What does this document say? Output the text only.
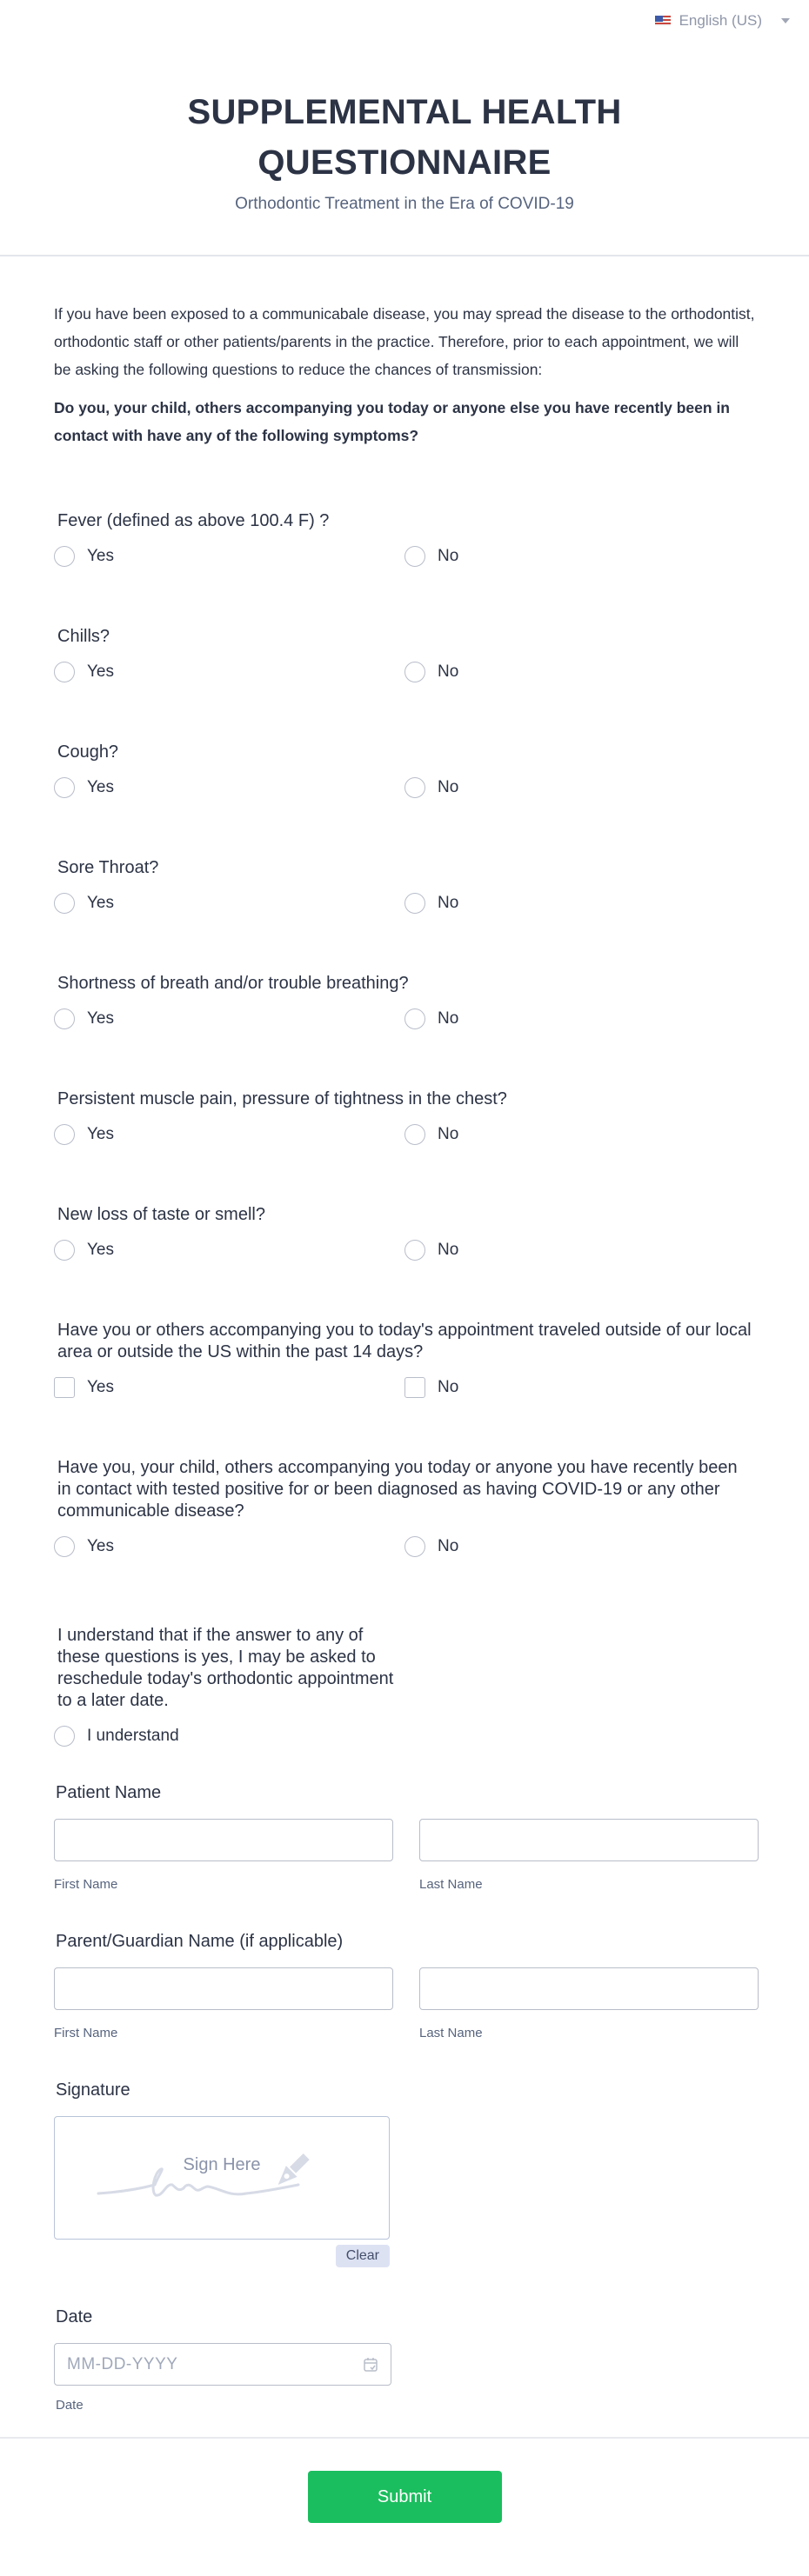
English (US)
SUPPLEMENTAL HEALTH QUESTIONNAIRE
Orthodontic Treatment in the Era of COVID-19

If you have been exposed to a communicabale disease, you may spread the disease to the orthodontist, orthodontic staff or other patients/parents in the practice. Therefore, prior to each appointment, we will be asking the following questions to reduce the chances of transmission:

Do you, your child, others accompanying you today or anyone else you have recently been in contact with have any of the following symptoms?

Fever (defined as above 100.4 F) ?
Yes	No
Chills?
Yes	No
Cough?
Yes	No
Sore Throat?
Yes	No
Shortness of breath and/or trouble breathing?
Yes	No
Persistent muscle pain, pressure of tightness in the chest?
Yes	No
New loss of taste or smell?
Yes	No
Have you or others accompanying you to today's appointment traveled outside of our local area or outside the US within the past 14 days?
Yes	No
Have you, your child, others accompanying you today or anyone you have recently been in contact with tested positive for or been diagnosed as having COVID-19 or any other communicable disease?
Yes	No
I understand that if the answer to any of these questions is yes, I may be asked to reschedule today's orthodontic appointment to a later date.
I understand
Patient Name
First Name	Last Name
Parent/Guardian Name (if applicable)
First Name	Last Name
Signature
Sign Here
Clear
Date
MM-DD-YYYY
Date
Submit
